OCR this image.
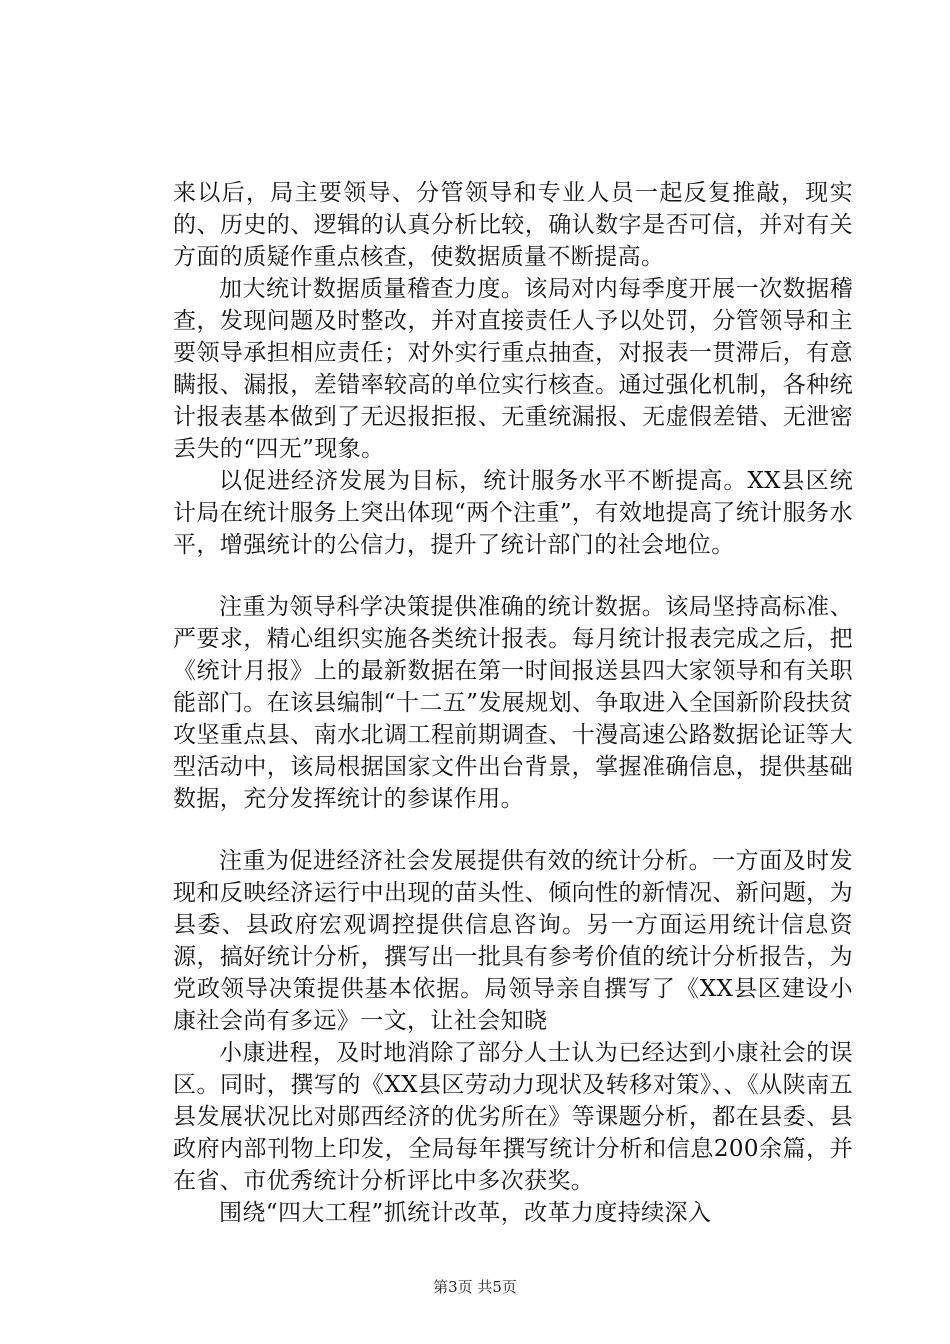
来以后，局主要领导、分管领导和专业人员一起反复推敲，现实的、历史的、逻辑的认真分析比较，确认数字是否可信，并对有关方面的质疑作重点核查，使数据质量不断提高。

加大统计数据质量稽查力度。该局对内每季度开展一次数据稽查，发现问题及时整改，并对直接责任人予以处罚，分管领导和主要领导承担相应责任；对外实行重点抽查，对报表一贯滞后，有意瞒报、漏报，差错率较高的单位实行核查。通过强化机制，各种统计报表基本做到了无迟报拒报、无重统漏报、无虚假差错、无泄密丢失的“四无”现象。

以促进经济发展为目标，统计服务水平不断提高。XX县区统计局在统计服务上突出体现“两个注重”，有效地提高了统计服务水平，增强统计的公信力，提升了统计部门的社会地位。

注重为领导科学决策提供准确的统计数据。该局坚持高标准、严要求，精心组织实施各类统计报表。每月统计报表完成之后，把《统计月报》上的最新数据在第一时间报送县四大家领导和有关职能部门。在该县编制“十二五”发展规划、争取进入全国新阶段扶贫攻坚重点县、南水北调工程前期调查、十漫高速公路数据论证等大型活动中，该局根据国家文件出台背景，掌握准确信息，提供基础数据，充分发挥统计的参谋作用。

注重为促进经济社会发展提供有效的统计分析。一方面及时发现和反映经济运行中出现的苗头性、倾向性的新情况、新问题，为县委、县政府宏观调控提供信息咨询。另一方面运用统计信息资源，搞好统计分析，撰写出一批具有参考价值的统计分析报告，为党政领导决策提供基本依据。局领导亲自撰写了《XX县区建设小康社会尚有多远》一文，让社会知晓

小康进程，及时地消除了部分人士认为已经达到小康社会的误区。同时，撰写的《XX县区劳动力现状及转移对策》、、《从陕南五县发展状况比对郧西经济的优劣所在》等课题分析，都在县委、县政府内部刊物上印发，全局每年撰写统计分析和信息200余篇，并在省、市优秀统计分析评比中多次获奖。

围绕“四大工程”抓统计改革，改革力度持续深入

第3页 共5页
